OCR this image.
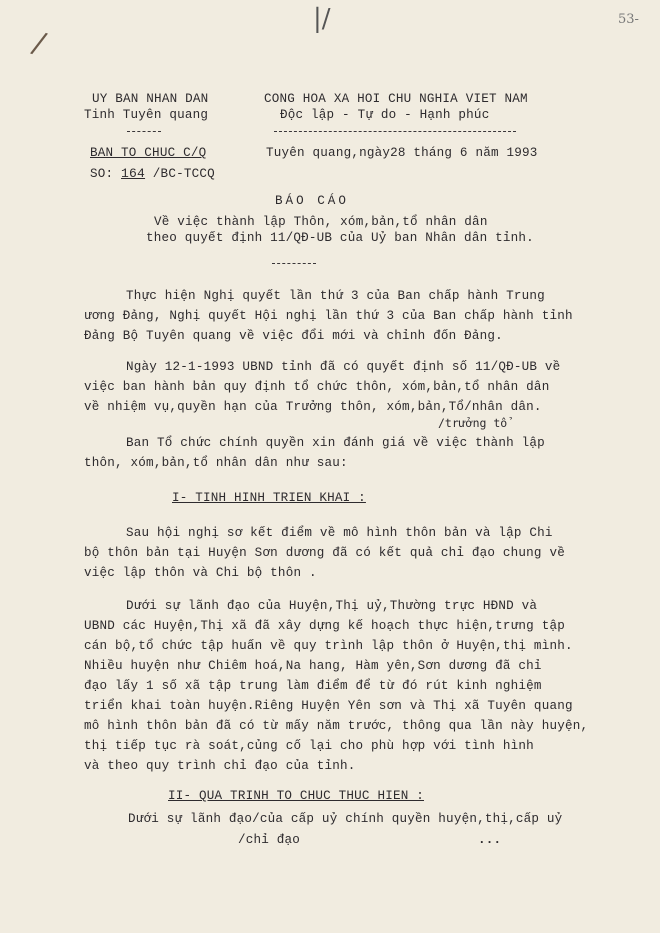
/
|/	53-
UY BAN NHAN DAN
Tinh Tuyên quang
BAN TO CHUC C/Q
SO: 164 /BC-TCCQ
CONG HOA XA HOI CHU NGHIA VIET NAM
Độc lập - Tự do - Hạnh phúc
Tuyên quang,ngày28 tháng 6 năm 1993
BÁO CÁO
Về việc thành lập Thôn, xóm,bản,tổ nhân dân
theo quyết định 11/QĐ-UB của Uỷ ban Nhân dân tỉnh.
Thực hiện Nghị quyết lần thứ 3 của Ban chấp hành Trung
ương Đảng, Nghị quyết Hội nghị lần thứ 3 của Ban chấp hành tỉnh
Đảng Bộ Tuyên quang về việc đổi mới và chỉnh đốn Đảng.
Ngày 12-1-1993 UBND tỉnh đã có quyết định số 11/QĐ-UB về
việc ban hành bản quy định tổ chức thôn, xóm,bản,tổ nhân dân
về nhiệm vụ,quyền hạn của Trưởng thôn, xóm,bản,Tổ/nhân dân.
/trưởng tổ
Ban Tổ chức chính quyền xin đánh giá về việc thành lập
thôn, xóm,bản,tổ nhân dân như sau:
I- TINH HINH TRIEN KHAI :
Sau hội nghị sơ kết điểm về mô hình thôn bản và lập Chi
bộ thôn bản tại Huyện Sơn dương đã có kết quả chỉ đạo chung về
việc lập thôn và Chi bộ thôn .
Dưới sự lãnh đạo của Huyện,Thị uỷ,Thường trực HĐND và
UBND các Huyện,Thị xã đã xây dựng kế hoạch thực hiện,trưng tập
cán bộ,tổ chức tập huấn về quy trình lập thôn ở Huyện,thị mình.
Nhiều huyện như Chiêm hoá,Na hang, Hàm yên,Sơn dương đã chỉ
đạo lấy 1 số xã tập trung làm điểm để từ đó rút kinh nghiệm
triển khai toàn huyện.Riêng Huyện Yên sơn và Thị xã Tuyên quang
mô hình thôn bản đã có từ mấy năm trước, thông qua lần này huyện,
thị tiếp tục rà soát,củng cố lại cho phù hợp với tình hình
và theo quy trình chỉ đạo của tỉnh.
II- QUA TRINH TO CHUC THUC HIEN :
Dưới sự lãnh đạo/của cấp uỷ chính quyền huyện,thị,cấp uỷ
/chỉ đạo	...
